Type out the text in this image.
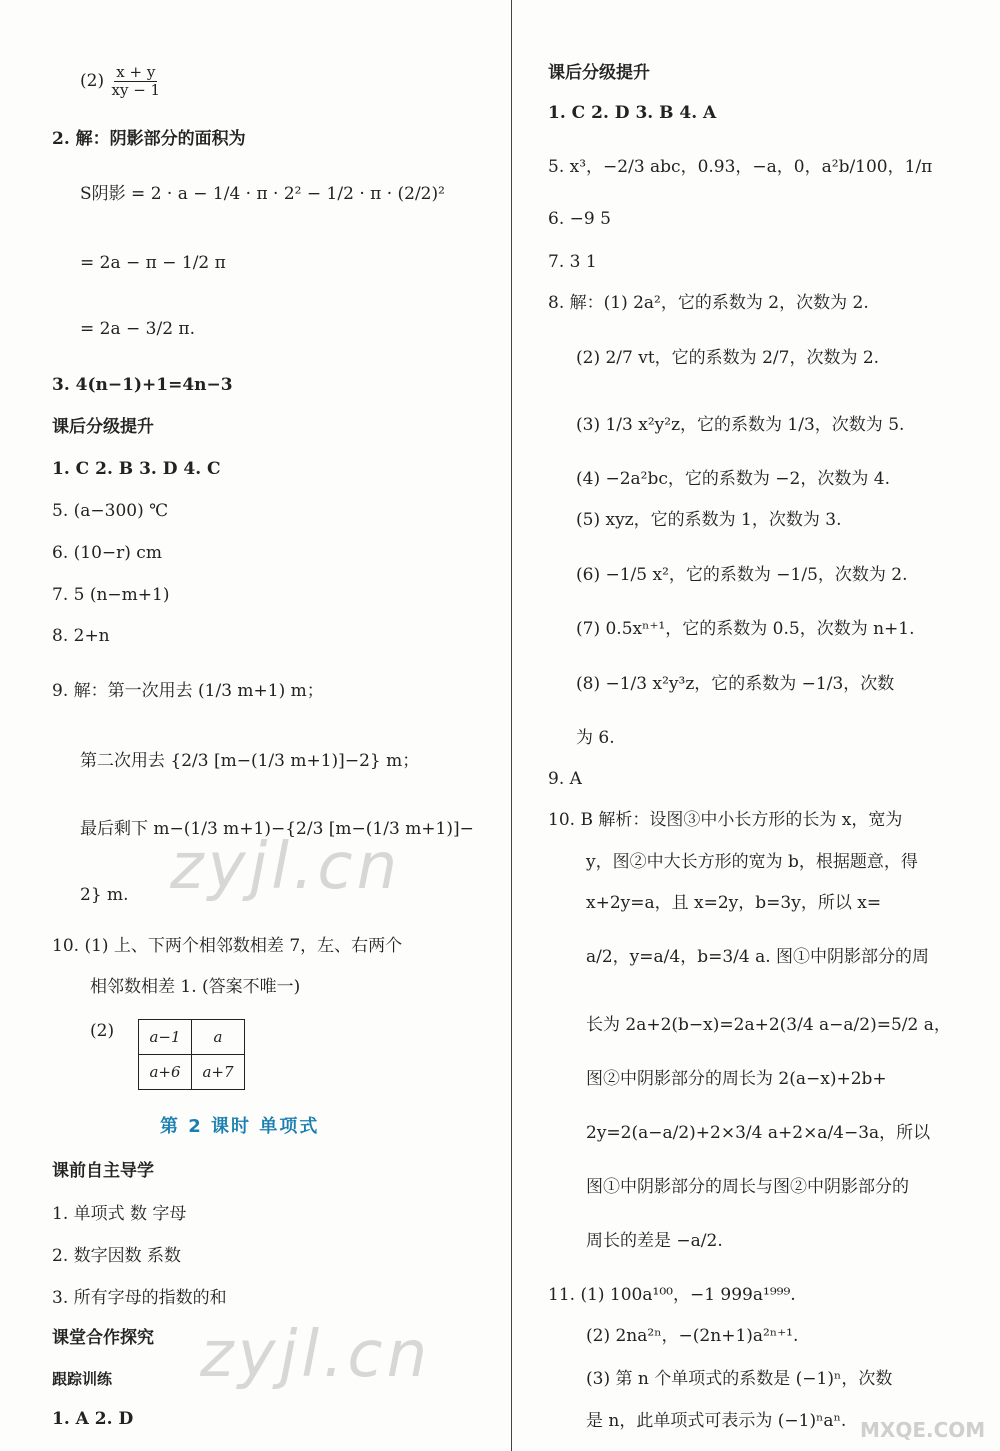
$(2) \frac{x + y}{xy - 1}$
2. 解：阴影部分的面积为
S阴影 = 2 · a − 1/4 · π · 2² − 1/2 · π · (2/2)²
= 2a − π − 1/2 π
= 2a − 3/2 π.
3. 4(n−1)+1=4n−3
课后分级提升
1. C 2. B 3. D 4. C
5. (a−300) ℃
6. (10−r) cm
7. 5 (n−m+1)
8. 2+n
9. 解：第一次用去 (1/3 m+1) m；
第二次用去 {2/3 [m−(1/3 m+1)]−2} m；
最后剩下 m−(1/3 m+1)−{2/3 [m−(1/3 m+1)]−
2} m.
10. (1) 上、下两个相邻数相差 7，左、右两个
相邻数相差 1. (答案不唯一)
(2) a−1	a
a+6	a+7
第 2 课时 单项式
课前自主导学
1. 单项式 数 字母
2. 数字因数 系数
3. 所有字母的指数的和
课堂合作探究
跟踪训练
1. A 2. D
课后分级提升
1. C 2. D 3. B 4. A
5. x³，−2/3 abc，0.93，−a，0，a²b/100，1/π
6. −9 5
7. 3 1
8. 解：(1) 2a²，它的系数为 2，次数为 2.
(2) 2/7 vt，它的系数为 2/7，次数为 2.
(3) 1/3 x²y²z，它的系数为 1/3，次数为 5.
(4) −2a²bc，它的系数为 −2，次数为 4.
(5) xyz，它的系数为 1，次数为 3.
(6) −1/5 x²，它的系数为 −1/5，次数为 2.
(7) 0.5xⁿ⁺¹，它的系数为 0.5，次数为 n+1.
(8) −1/3 x²y³z，它的系数为 −1/3，次数
为 6.
9. A
10. B 解析：设图③中小长方形的长为 x，宽为
y，图②中大长方形的宽为 b，根据题意，得
x+2y=a，且 x=2y，b=3y，所以 x=
a/2，y=a/4，b=3/4 a. 图①中阴影部分的周
长为 2a+2(b−x)=2a+2(3/4 a−a/2)=5/2 a，
图②中阴影部分的周长为 2(a−x)+2b+
2y=2(a−a/2)+2×3/4 a+2×a/4−3a，所以
图①中阴影部分的周长与图②中阴影部分的
周长的差是 −a/2.
11. (1) 100a¹⁰⁰，−1 999a¹⁹⁹⁹.
(2) 2na²ⁿ，−(2n+1)a²ⁿ⁺¹.
(3) 第 n 个单项式的系数是 (−1)ⁿ，次数
是 n，此单项式可表示为 (−1)ⁿaⁿ.
zyjl.cn
zyjl.cn
MXQE.COM
